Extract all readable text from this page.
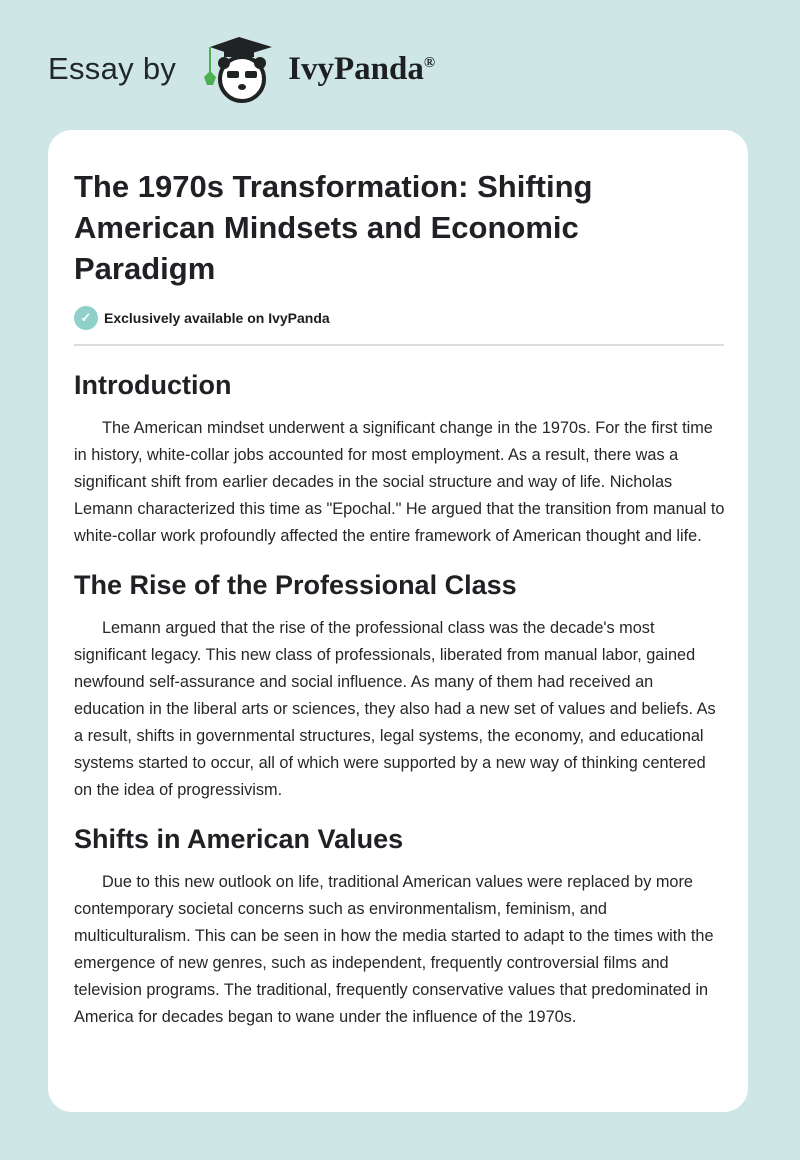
Essay by	IvyPanda®
The 1970s Transformation: Shifting American Mindsets and Economic Paradigm
✓ Exclusively available on IvyPanda
Introduction

The American mindset underwent a significant change in the 1970s. For the first time in history, white-collar jobs accounted for most employment. As a result, there was a significant shift from earlier decades in the social structure and way of life. Nicholas Lemann characterized this time as "Epochal." He argued that the transition from manual to white-collar work profoundly affected the entire framework of American thought and life.

The Rise of the Professional Class

Lemann argued that the rise of the professional class was the decade's most significant legacy. This new class of professionals, liberated from manual labor, gained newfound self-assurance and social influence. As many of them had received an education in the liberal arts or sciences, they also had a new set of values and beliefs. As a result, shifts in governmental structures, legal systems, the economy, and educational systems started to occur, all of which were supported by a new way of thinking centered on the idea of progressivism.

Shifts in American Values

Due to this new outlook on life, traditional American values were replaced by more contemporary societal concerns such as environmentalism, feminism, and multiculturalism. This can be seen in how the media started to adapt to the times with the emergence of new genres, such as independent, frequently controversial films and television programs. The traditional, frequently conservative values that predominated in America for decades began to wane under the influence of the 1970s.
